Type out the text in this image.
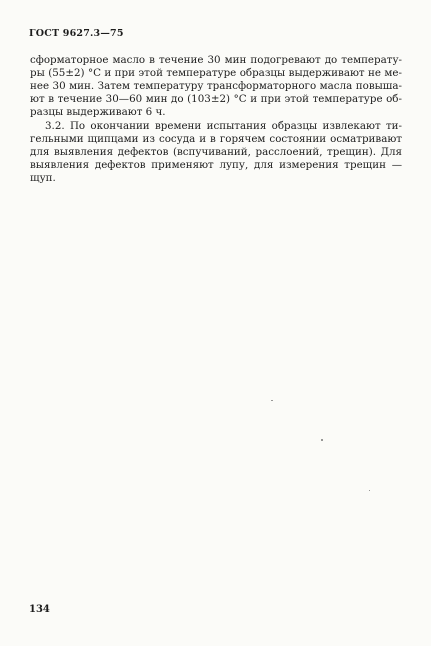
ГОСТ 9627.3—75

сформаторное масло в течение 30 мин подогревают до температу-
ры (55±2) °С и при этой температуре образцы выдерживают не ме-
нее 30 мин. Затем температуру трансформаторного масла повыша-
ют в течение 30—60 мин до (103±2) °С и при этой температуре об-
разцы выдерживают 6 ч.

3.2. По окончании времени испытания образцы извлекают ти-
гельными щипцами из сосуда и в горячем состоянии осматривают
для выявления дефектов (вспучиваний, расслоений, трещин). Для
выявления дефектов применяют лупу, для измерения трещин —
щуп.

134
